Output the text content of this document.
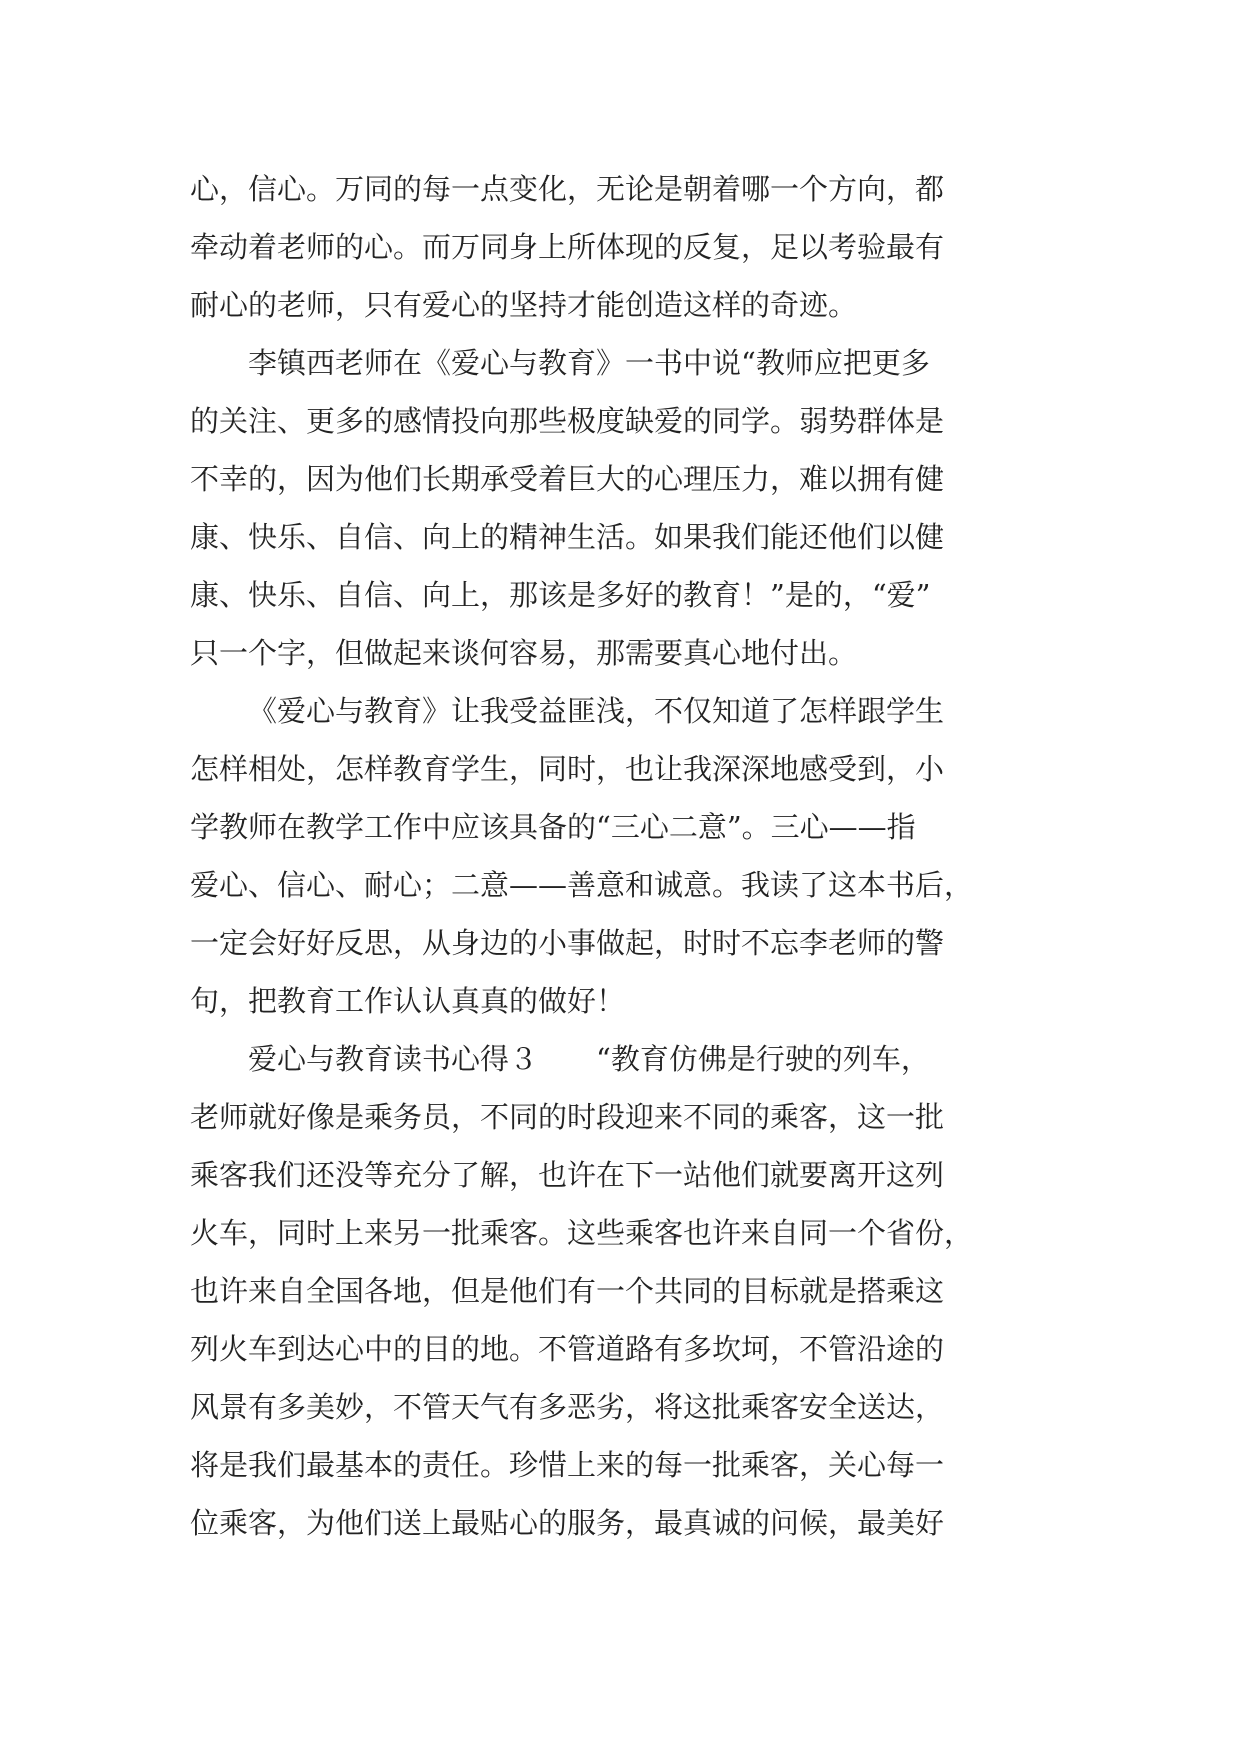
心，信心。万同的每一点变化，无论是朝着哪一个方向，都
牵动着老师的心。而万同身上所体现的反复，足以考验最有
耐心的老师，只有爱心的坚持才能创造这样的奇迹。
李镇西老师在《爱心与教育》一书中说“教师应把更多
的关注、更多的感情投向那些极度缺爱的同学。弱势群体是
不幸的，因为他们长期承受着巨大的心理压力，难以拥有健
康、快乐、自信、向上的精神生活。如果我们能还他们以健
康、快乐、自信、向上，那该是多好的教育！”是的，“爱”
只一个字，但做起来谈何容易，那需要真心地付出。
《爱心与教育》让我受益匪浅，不仅知道了怎样跟学生
怎样相处，怎样教育学生，同时，也让我深深地感受到，小
学教师在教学工作中应该具备的“三心二意”。三心——指
爱心、信心、耐心；二意——善意和诚意。我读了这本书后，
一定会好好反思，从身边的小事做起，时时不忘李老师的警
句，把教育工作认认真真的做好！
爱心与教育读书心得３　　“教育仿佛是行驶的列车，
老师就好像是乘务员，不同的时段迎来不同的乘客，这一批
乘客我们还没等充分了解，也许在下一站他们就要离开这列
火车，同时上来另一批乘客。这些乘客也许来自同一个省份，
也许来自全国各地，但是他们有一个共同的目标就是搭乘这
列火车到达心中的目的地。不管道路有多坎坷，不管沿途的
风景有多美妙，不管天气有多恶劣，将这批乘客安全送达，
将是我们最基本的责任。珍惜上来的每一批乘客，关心每一
位乘客，为他们送上最贴心的服务，最真诚的问候，最美好
